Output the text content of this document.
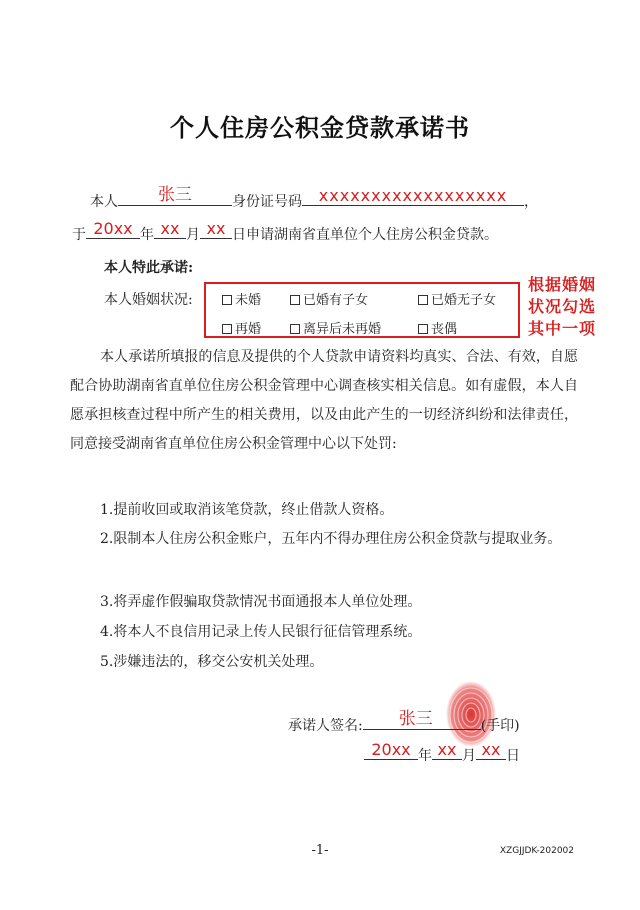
个人住房公积金贷款承诺书
本人	张三	身份证号码	xxxxxxxxxxxxxxxxxx	，
于 20xx 年 xx 月 xx 日申请湖南省直单位个人住房公积金贷款。
本人特此承诺:
本人婚姻状况:	未婚	已婚有子女	已婚无子女
再婚	离异后未再婚	丧偶
根据婚姻
状况勾选
其中一项
本人承诺所填报的信息及提供的个人贷款申请资料均真实、合法、有效，自愿配合协助湖南省直单位住房公积金管理中心调查核实相关信息。如有虚假，本人自愿承担核查过程中所产生的相关费用，以及由此产生的一切经济纠纷和法律责任，同意接受湖南省直单位住房公积金管理中心以下处罚:
1.提前收回或取消该笔贷款，终止借款人资格。
2.限制本人住房公积金账户，五年内不得办理住房公积金贷款与提取业务。
3.将弄虚作假骗取贷款情况书面通报本人单位处理。
4.将本人不良信用记录上传人民银行征信管理系统。
5.涉嫌违法的，移交公安机关处理。
承诺人签名: 张三	(手印)
20xx 年 xx 月 xx 日
-1-	XZGJJDK-202002
